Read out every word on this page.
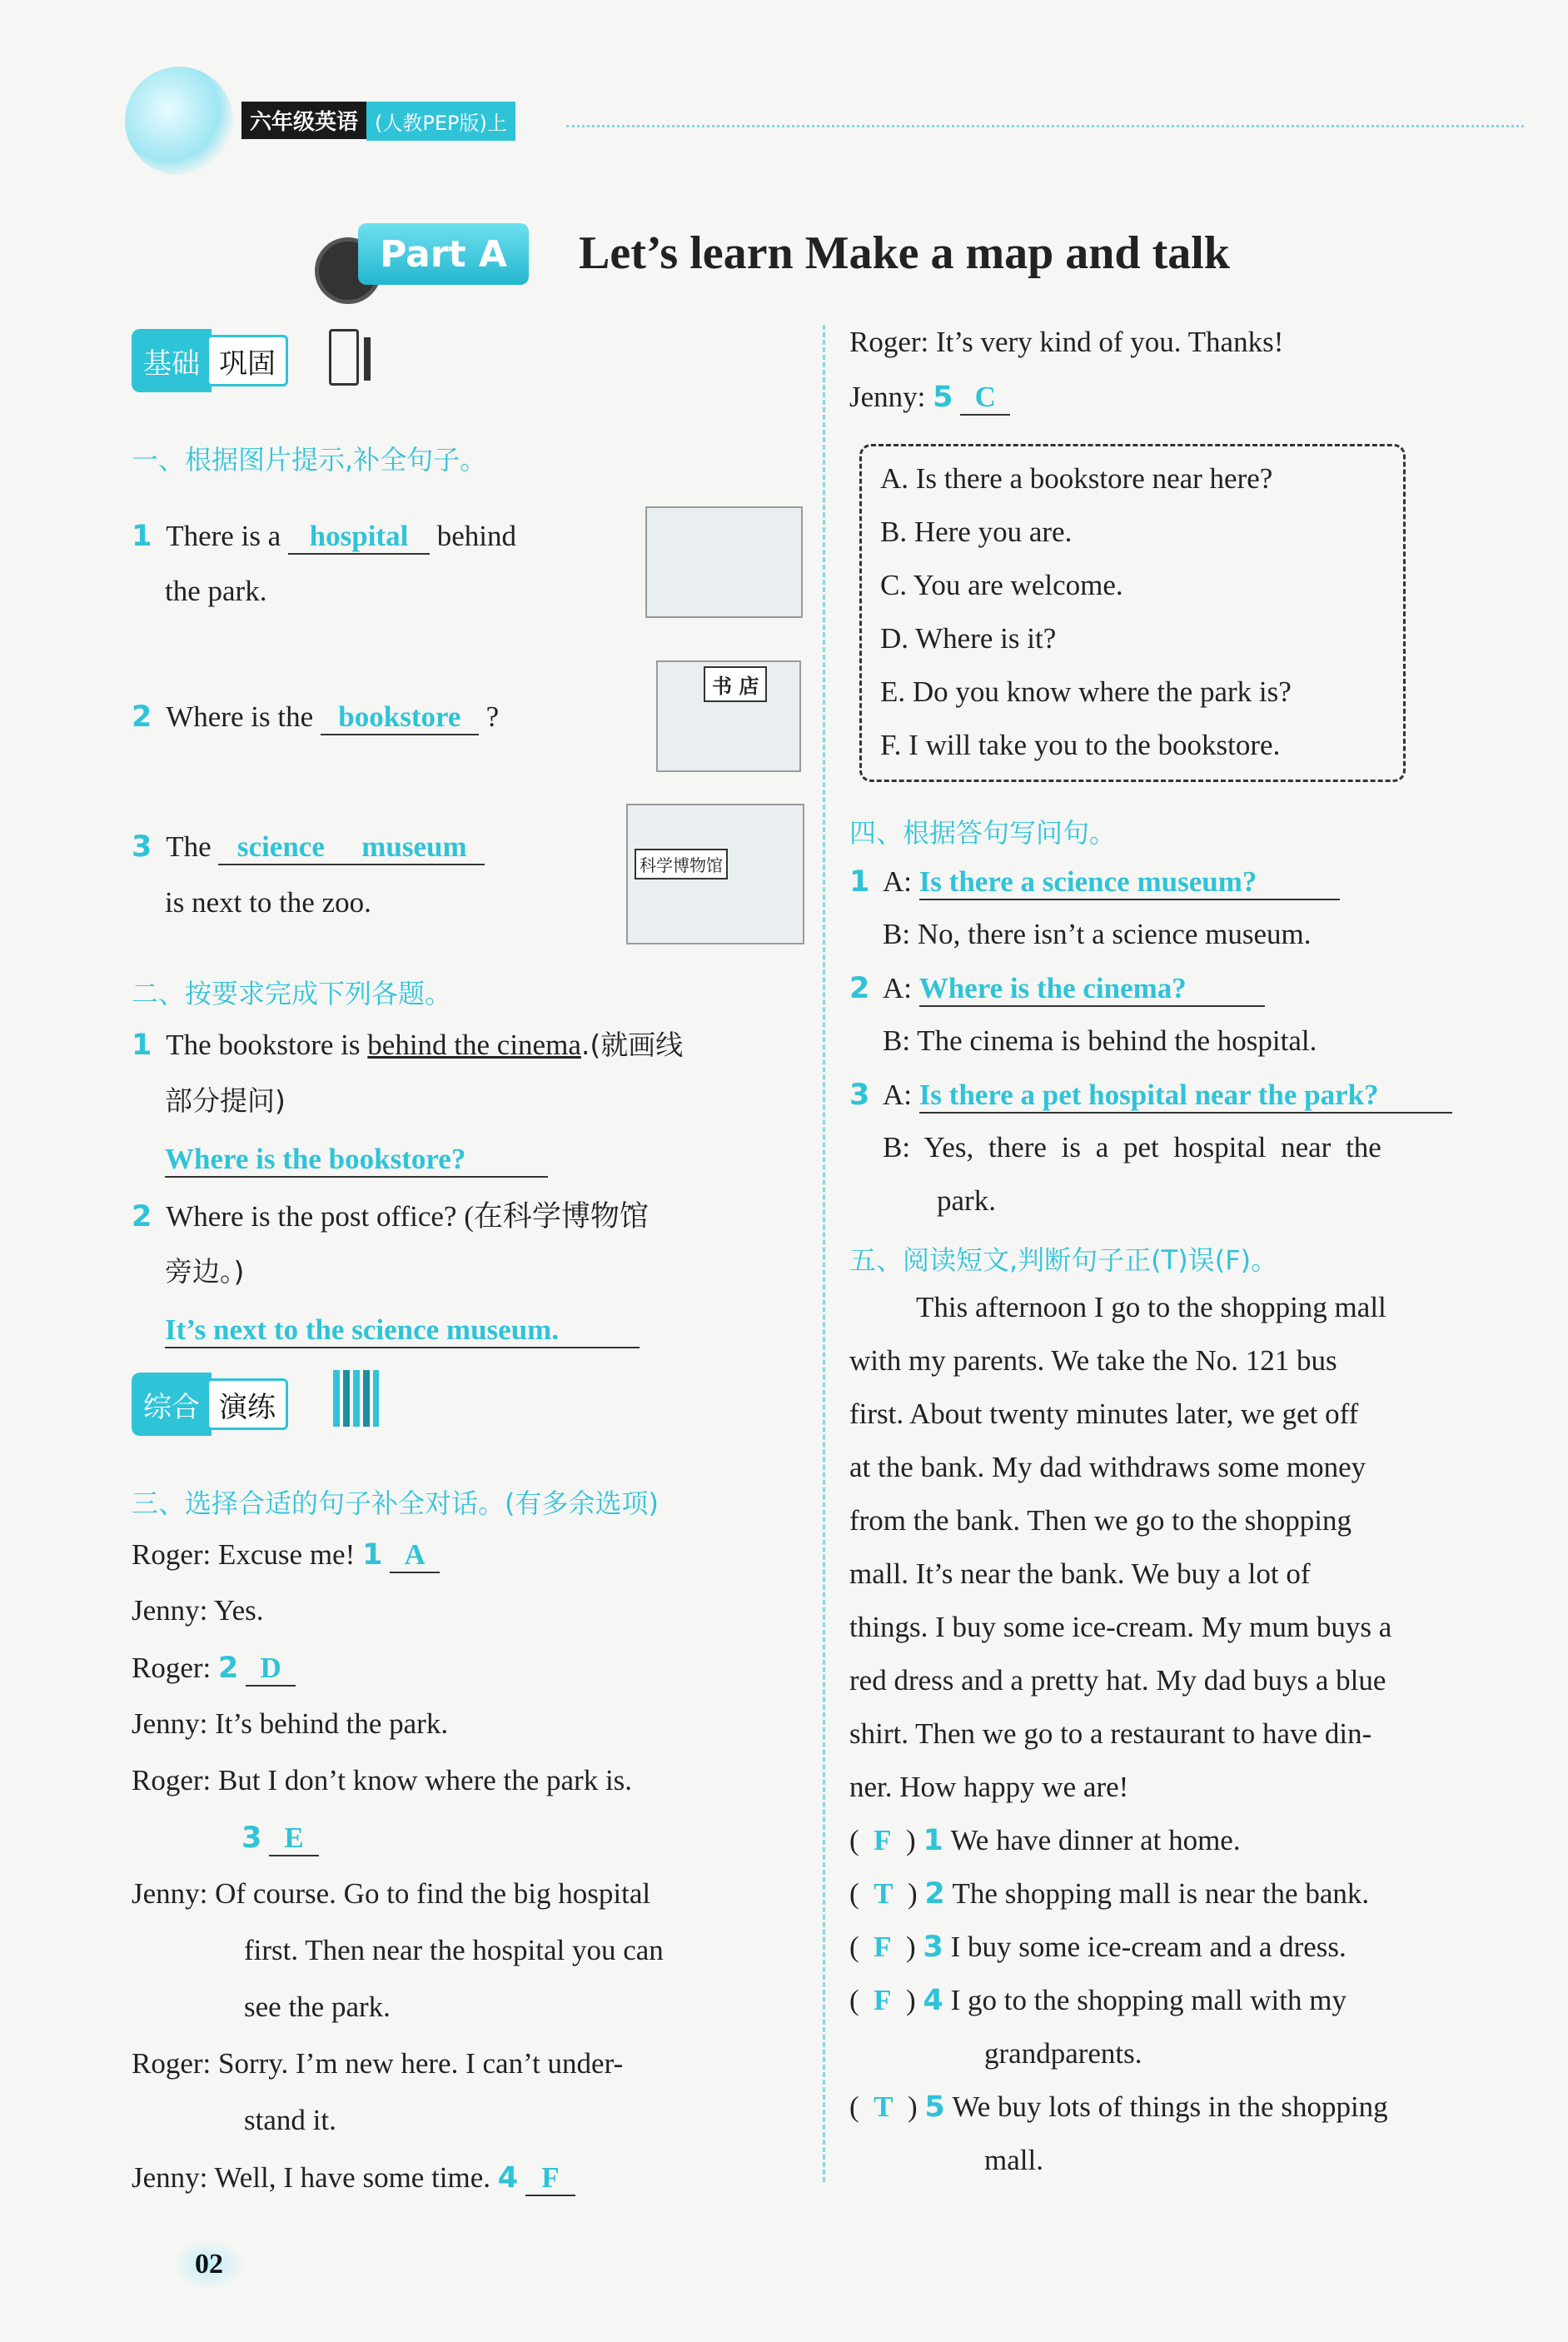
六年级英语 (人教PEP版)上
Part A	Let’s learn Make a map and talk
基础 巩固
一、根据图片提示,补全句子。
1 There is a hospital behind
the park.
2 Where is the bookstore ?
书 店
3 The science museum
is next to the zoo.
科学博物馆
二、按要求完成下列各题。
1 The bookstore is behind the cinema.(就画线
部分提问)
Where is the bookstore?
2 Where is the post office? (在科学博物馆
旁边。)
It’s next to the science museum.
综合 演练
三、选择合适的句子补全对话。(有多余选项)
Roger: Excuse me! 1 A
Jenny: Yes.
Roger: 2 D
Jenny: It’s behind the park.
Roger: But I don’t know where the park is.
3 E
Jenny: Of course. Go to find the big hospital
first. Then near the hospital you can
see the park.
Roger: Sorry. I’m new here. I can’t under-
stand it.
Jenny: Well, I have some time. 4 F
Roger: It’s very kind of you. Thanks!
Jenny: 5 C
A. Is there a bookstore near here?
B. Here you are.
C. You are welcome.
D. Where is it?
E. Do you know where the park is?
F. I will take you to the bookstore.
四、根据答句写问句。
1 A: Is there a science museum?
B: No, there isn’t a science museum.
2 A: Where is the cinema?
B: The cinema is behind the hospital.
3 A: Is there a pet hospital near the park?
B: Yes, there is a pet hospital near the
park.
五、阅读短文,判断句子正(T)误(F)。
This afternoon I go to the shopping mall
with my parents. We take the No. 121 bus
first. About twenty minutes later, we get off
at the bank. My dad withdraws some money
from the bank. Then we go to the shopping
mall. It’s near the bank. We buy a lot of
things. I buy some ice-cream. My mum buys a
red dress and a pretty hat. My dad buys a blue
shirt. Then we go to a restaurant to have din-
ner. How happy we are!
(  F  ) 1 We have dinner at home.
(  T  ) 2 The shopping mall is near the bank.
(  F  ) 3 I buy some ice-cream and a dress.
(  F  ) 4 I go to the shopping mall with my
grandparents.
(  T  ) 5 We buy lots of things in the shopping
mall.
02
